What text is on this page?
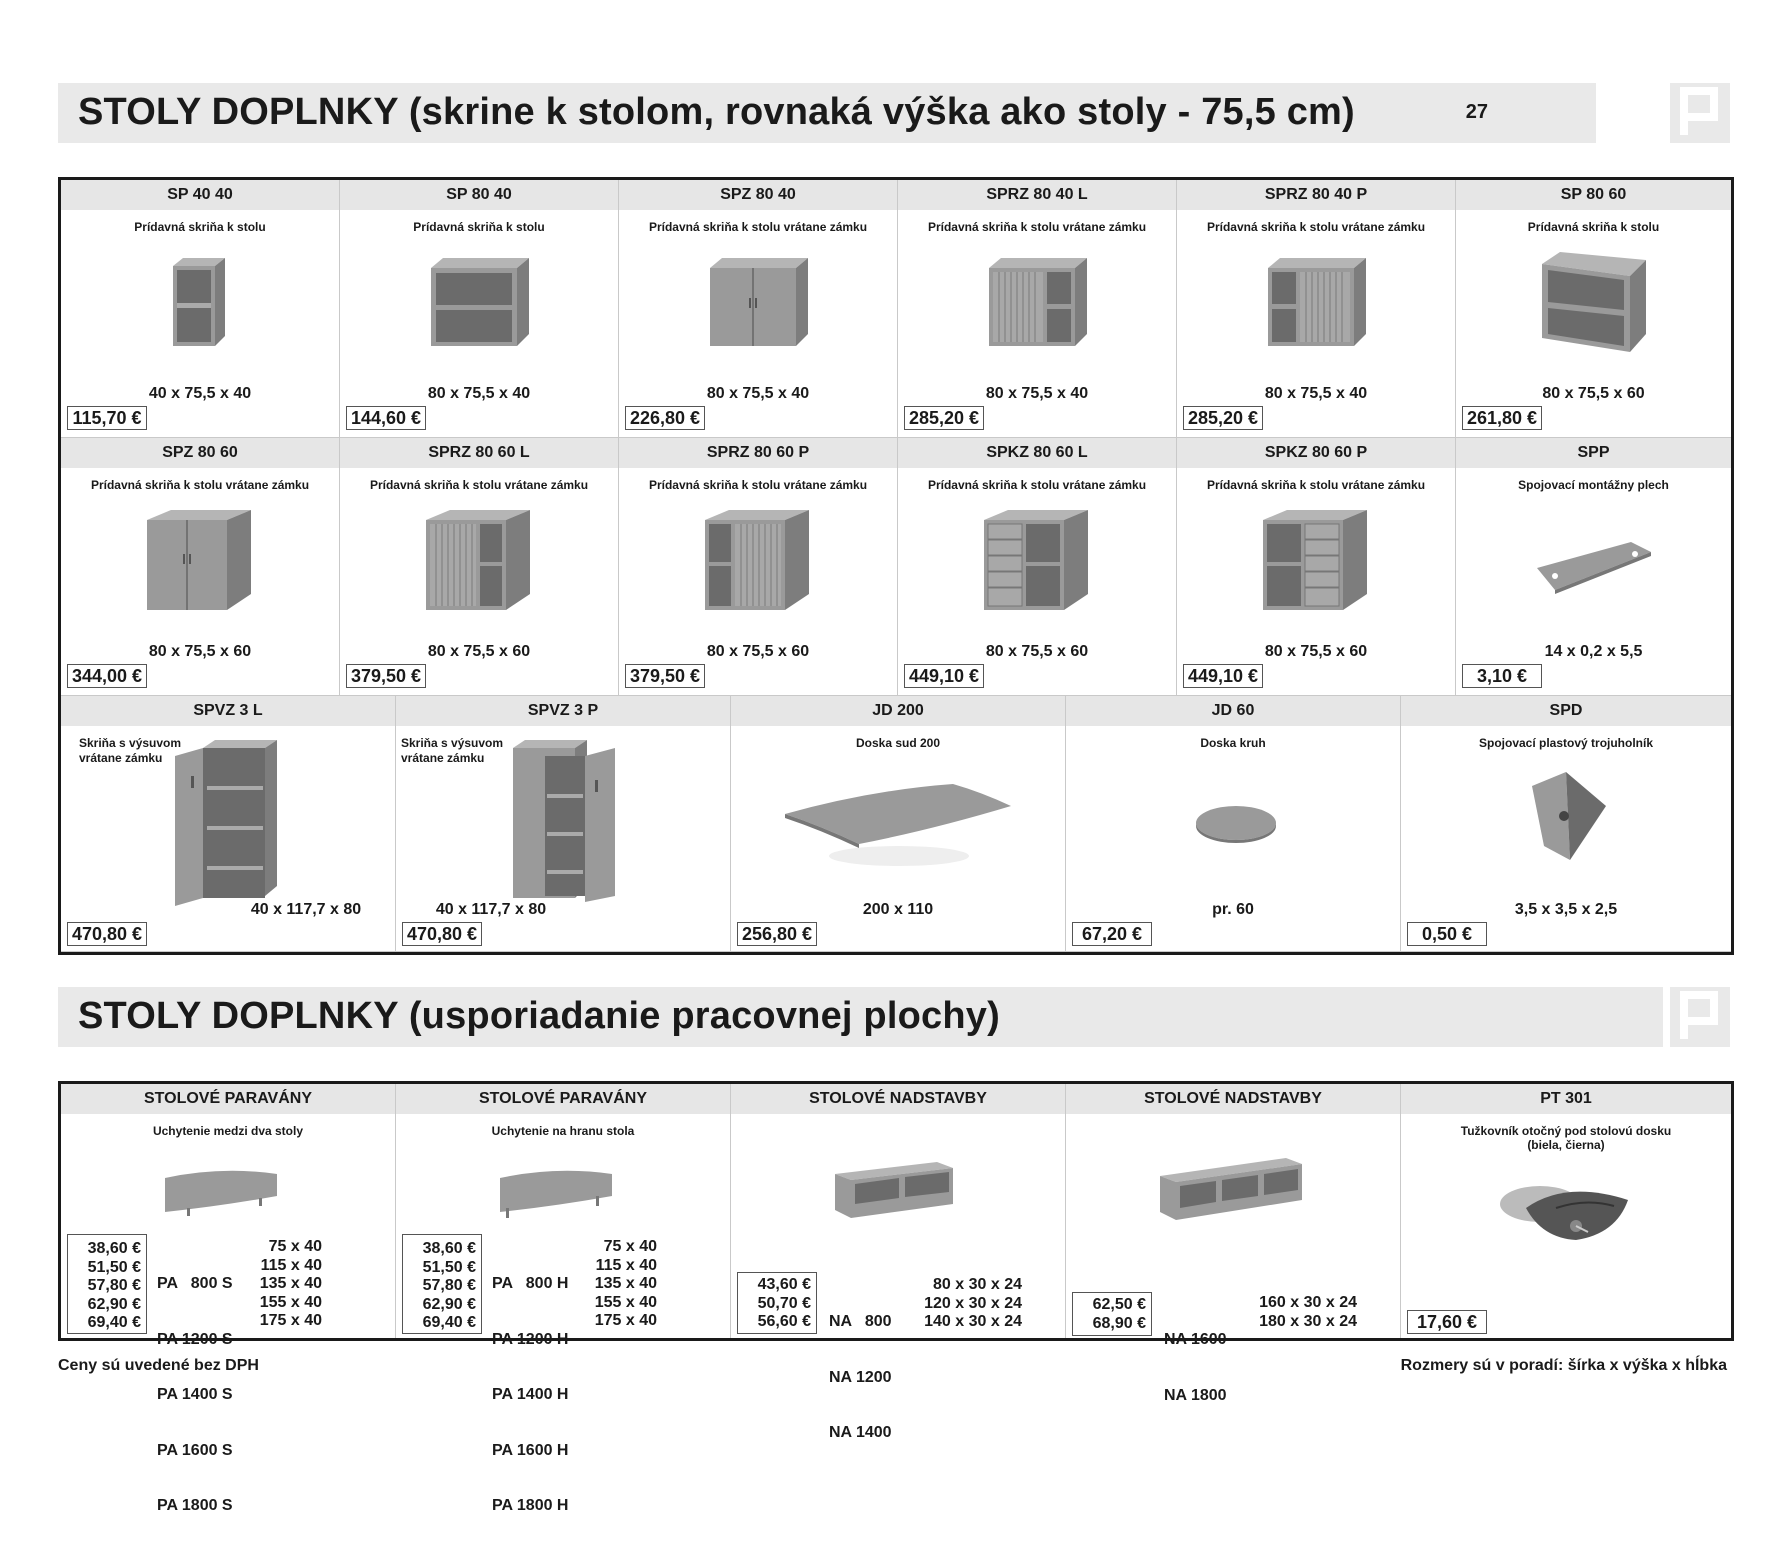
STOLY DOPLNKY (skrine k stolom, rovnaká výška ako stoly - 75,5 cm)	27
SP 40 40
Prídavná skriňa k stolu
40 x 75,5 x 40
115,70 €
SP 80 40
Prídavná skriňa k stolu
80 x 75,5 x 40
144,60 €
SPZ 80 40
Prídavná skriňa k stolu vrátane zámku
80 x 75,5 x 40
226,80 €
SPRZ 80 40 L
Prídavná skriňa k stolu vrátane zámku
80 x 75,5 x 40
285,20 €
SPRZ 80 40 P
Prídavná skriňa k stolu vrátane zámku
80 x 75,5 x 40
285,20 €
SP 80 60
Prídavná skriňa k stolu
80 x 75,5 x 60
261,80 €
SPZ 80 60
Prídavná skriňa k stolu vrátane zámku
80 x 75,5 x 60
344,00 €
SPRZ 80 60 L
Prídavná skriňa k stolu vrátane zámku
80 x 75,5 x 60
379,50 €
SPRZ 80 60 P
Prídavná skriňa k stolu vrátane zámku
80 x 75,5 x 60
379,50 €
SPKZ 80 60 L
Prídavná skriňa k stolu vrátane zámku
80 x 75,5 x 60
449,10 €
SPKZ 80 60 P
Prídavná skriňa k stolu vrátane zámku
80 x 75,5 x 60
449,10 €
SPP
Spojovací montážny plech
14 x 0,2 x 5,5
3,10 €
SPVZ 3 L
Skriňa s výsuvom vrátane zámku
40 x 117,7 x 80
470,80 €
SPVZ 3 P
Skriňa s výsuvom vrátane zámku
40 x 117,7 x 80
470,80 €
JD 200
Doska sud 200
200 x 110
256,80 €
JD 60
Doska kruh
pr. 60
67,20 €
SPD
Spojovací plastový trojuholník
3,5 x 3,5 x 2,5
0,50 €
STOLY DOPLNKY (usporiadanie pracovnej plochy)
STOLOVÉ PARAVÁNY
Uchytenie medzi dva stoly
38,60 €
51,50 €
57,80 €
62,90 €
69,40 €

PA   800 S

PA 1200 S

PA 1400 S

PA 1600 S

PA 1800 S

75 x 40
115 x 40
135 x 40
155 x 40
175 x 40
STOLOVÉ PARAVÁNY
Uchytenie na hranu stola
38,60 €
51,50 €
57,80 €
62,90 €
69,40 €

PA   800 H

PA 1200 H

PA 1400 H

PA 1600 H

PA 1800 H

75 x 40
115 x 40
135 x 40
155 x 40
175 x 40
STOLOVÉ NADSTAVBY
43,60 €
50,70 €
56,60 €

NA   800

NA 1200

NA 1400

80 x 30 x 24
120 x 30 x 24
140 x 30 x 24
STOLOVÉ NADSTAVBY
62,50 €
68,90 €

NA 1600

NA 1800

160 x 30 x 24
180 x 30 x 24
PT 301
Tužkovník otočný pod stolovú dosku (biela, čierna)
17,60 €
Ceny sú uvedené bez DPH	Rozmery sú v poradí: šírka x výška x hĺbka
